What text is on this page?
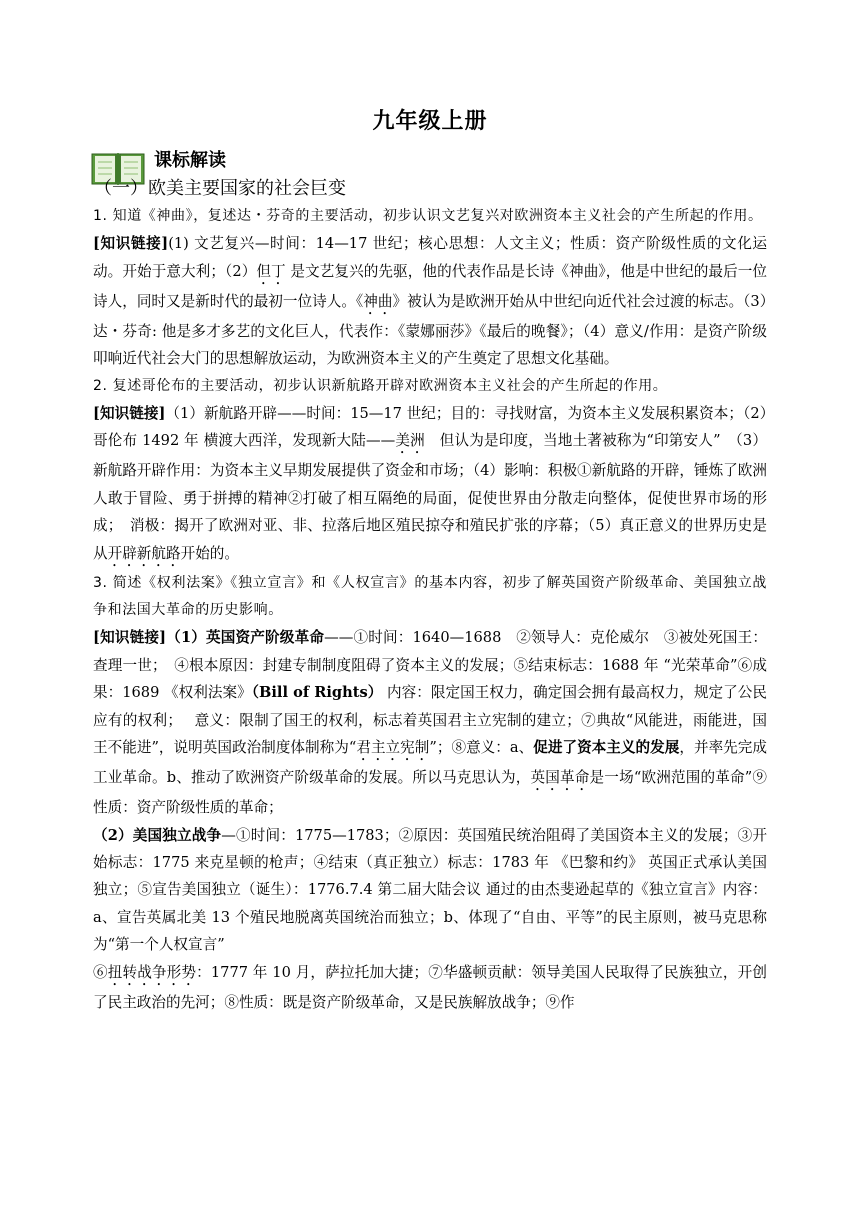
九年级上册
课标解读
（一）欧美主要国家的社会巨变

1. 知道《神曲》，复述达・芬奇的主要活动，初步认识文艺复兴对欧洲资本主义社会的产生所起的作用。

[知识链接](1) 文艺复兴—时间：14—17 世纪；核心思想：人文主义；性质：资产阶级性质的文化运动。开始于意大利；（2）但丁 是文艺复兴的先驱，他的代表作品是长诗《神曲》，他是中世纪的最后一位诗人，同时又是新时代的最初一位诗人。《神曲》被认为是欧洲开始从中世纪向近代社会过渡的标志。（3）达・芬奇: 他是多才多艺的文化巨人，代表作：《蒙娜丽莎》《最后的晚餐》；（4）意义/作用：是资产阶级叩响近代社会大门的思想解放运动，为欧洲资本主义的产生奠定了思想文化基础。

2. 复述哥伦布的主要活动，初步认识新航路开辟对欧洲资本主义社会的产生所起的作用。

[知识链接]（1）新航路开辟——时间：15—17 世纪；目的：寻找财富，为资本主义发展积累资本；（2）哥伦布 1492 年 横渡大西洋，发现新大陆——美洲　但认为是印度，当地土著被称为“印第安人”　（3）新航路开辟作用：为资本主义早期发展提供了资金和市场；（4）影响：积极①新航路的开辟，锤炼了欧洲人敢于冒险、勇于拼搏的精神②打破了相互隔绝的局面，促使世界由分散走向整体，促使世界市场的形成；　消极：揭开了欧洲对亚、非、拉落后地区殖民掠夺和殖民扩张的序幕；（5）真正意义的世界历史是从开辟新航路开始的。

3. 简述《权利法案》《独立宣言》和《人权宣言》的基本内容，初步了解英国资产阶级革命、美国独立战争和法国大革命的历史影响。

[知识链接]（1）英国资产阶级革命——①时间：1640—1688　②领导人：克伦威尔　③被处死国王：查理一世；　④根本原因：封建专制制度阻碍了资本主义的发展；⑤结束标志：1688 年 “光荣革命”⑥成果：1689 《权利法案》（Bill of Rights） 内容：限定国王权力，确定国会拥有最高权力，规定了公民应有的权利；　 意义：限制了国王的权利，标志着英国君主立宪制的建立；⑦典故“风能进，雨能进，国王不能进”，说明英国政治制度体制称为“君主立宪制”；⑧意义：a、促进了资本主义的发展，并率先完成工业革命。b、推动了欧洲资产阶级革命的发展。所以马克思认为，英国革命是一场“欧洲范围的革命”⑨性质：资产阶级性质的革命；

（2）美国独立战争—①时间：1775—1783；②原因：英国殖民统治阻碍了美国资本主义的发展；③开始标志：1775 来克星顿的枪声；④结束（真正独立）标志：1783 年 《巴黎和约》 英国正式承认美国独立；⑤宣告美国独立（诞生）：1776.7.4 第二届大陆会议 通过的由杰斐逊起草的《独立宣言》内容：a、宣告英属北美 13 个殖民地脱离英国统治而独立；b、体现了“自由、平等”的民主原则，被马克思称为“第一个人权宣言”

⑥扭转战争形势：1777 年 10 月，萨拉托加大捷；⑦华盛顿贡献：领导美国人民取得了民族独立，开创了民主政治的先河；⑧性质：既是资产阶级革命，又是民族解放战争；⑨作
